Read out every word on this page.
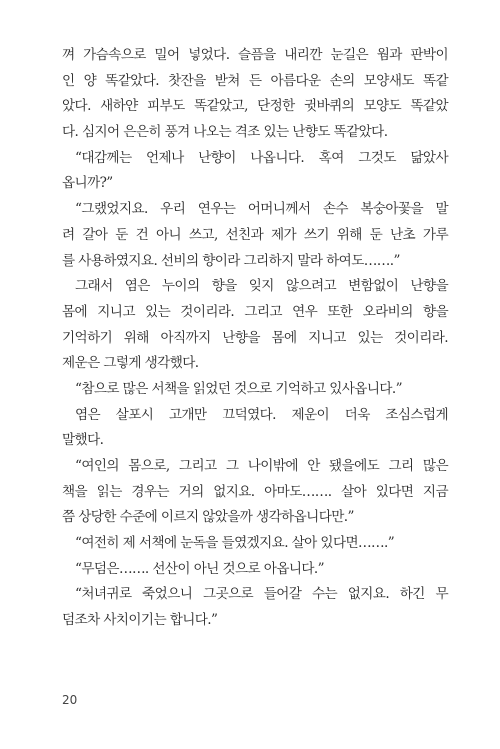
껴 가슴속으로 밀어 넣었다. 슬픔을 내리깐 눈길은 웜과 판박이
인 양 똑같았다. 찻잔을 받쳐 든 아름다운 손의 모양새도 똑같
았다. 새하얀 피부도 똑같았고, 단정한 귓바퀴의 모양도 똑같았
다. 심지어 은은히 풍겨 나오는 격조 있는 난향도 똑같았다.
“대감께는 언제나 난향이 나옵니다. 혹여 그것도 닮았사
옵니까?”
“그랬었지요. 우리 연우는 어머니께서 손수 복숭아꽃을 말
려 갈아 둔 건 아니 쓰고, 선친과 제가 쓰기 위해 둔 난초 가루
를 사용하였지요. 선비의 향이라 그리하지 말라 하여도…….”
그래서 염은 누이의 향을 잊지 않으려고 변함없이 난향을
몸에 지니고 있는 것이리라. 그리고 연우 또한 오라비의 향을
기억하기 위해 아직까지 난향을 몸에 지니고 있는 것이리라.
제운은 그렇게 생각했다.
“참으로 많은 서책을 읽었던 것으로 기억하고 있사옵니다.”
염은 살포시 고개만 끄덕였다. 제운이 더욱 조심스럽게
말했다.
“여인의 몸으로, 그리고 그 나이밖에 안 됐을에도 그리 많은
책을 읽는 경우는 거의 없지요. 아마도……. 살아 있다면 지금
쯤 상당한 수준에 이르지 않았을까 생각하옵니다만.”
“여전히 제 서책에 눈독을 들였겠지요. 살아 있다면…….”
“무덤은……. 선산이 아닌 것으로 아옵니다.”
“처녀귀로 죽었으니 그곳으로 들어갈 수는 없지요. 하긴 무
덤조차 사치이기는 합니다.”
20
